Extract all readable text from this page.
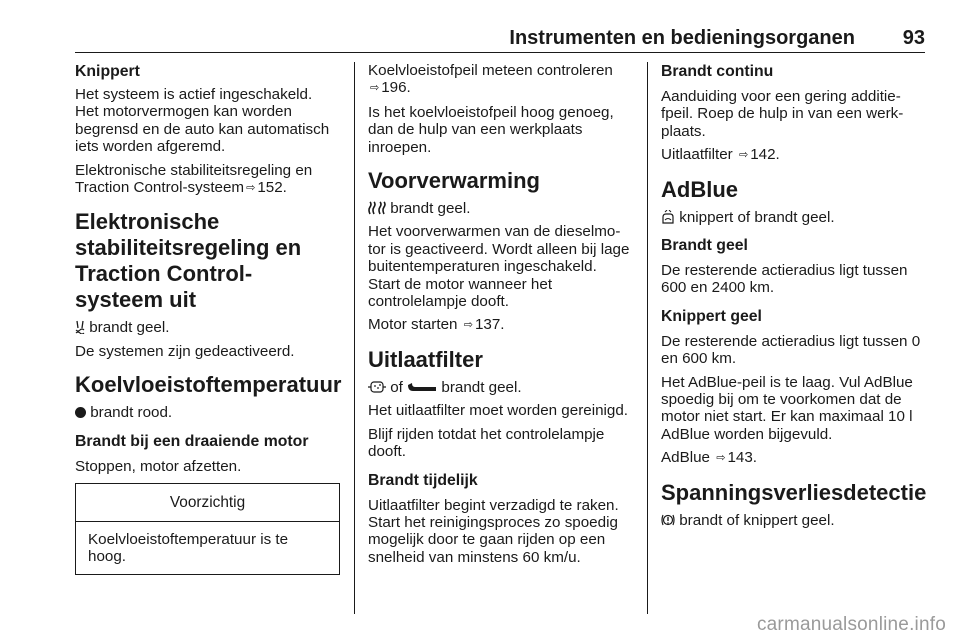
Instrumenten en bedieningsorganen 93
Knippert

Het systeem is actief ingeschakeld. Het motorvermogen kan worden begrensd en de auto kan automatisch iets worden afgeremd.

Elektronische stabiliteitsregeling en Traction Control-systeem ⇨ 152.

Elektronische stabiliteitsregeling en Traction Control-systeem uit

brandt geel.

De systemen zijn gedeactiveerd.

Koelvloeistoftemperatuur

brandt rood.

Brandt bij een draaiende motor

Stoppen, motor afzetten.

Voorzichtig

Koelvloeistoftemperatuur is te hoog.

Koelvloeistofpeil meteen controleren ⇨ 196.

Is het koelvloeistofpeil hoog genoeg, dan de hulp van een werkplaats inroepen.

Voorverwarming

brandt geel.

Het voorverwarmen van de dieselmotor is geactiveerd. Wordt alleen bij lage buitentemperaturen ingeschakeld. Start de motor wanneer het controlelampje dooft.

Motor starten ⇨ 137.

Uitlaatfilter

of	brandt geel.

Het uitlaatfilter moet worden gereinigd.

Blijf rijden totdat het controlelampje dooft.

Brandt tijdelijk

Uitlaatfilter begint verzadigd te raken. Start het reinigingsproces zo spoedig mogelijk door te gaan rijden op een snelheid van minstens 60 km/u.

Brandt continu

Aanduiding voor een gering additiefpeil. Roep de hulp in van een werkplaats.

Uitlaatfilter ⇨ 142.

AdBlue

knippert of brandt geel.

Brandt geel

De resterende actieradius ligt tussen 600 en 2400 km.

Knippert geel

De resterende actieradius ligt tussen 0 en 600 km.

Het AdBlue-peil is te laag. Vul AdBlue spoedig bij om te voorkomen dat de motor niet start. Er kan maximaal 10 l AdBlue worden bijgevuld.

AdBlue ⇨ 143.

Spanningsverliesdetectie

brandt of knippert geel.

carmanualsonline.info
